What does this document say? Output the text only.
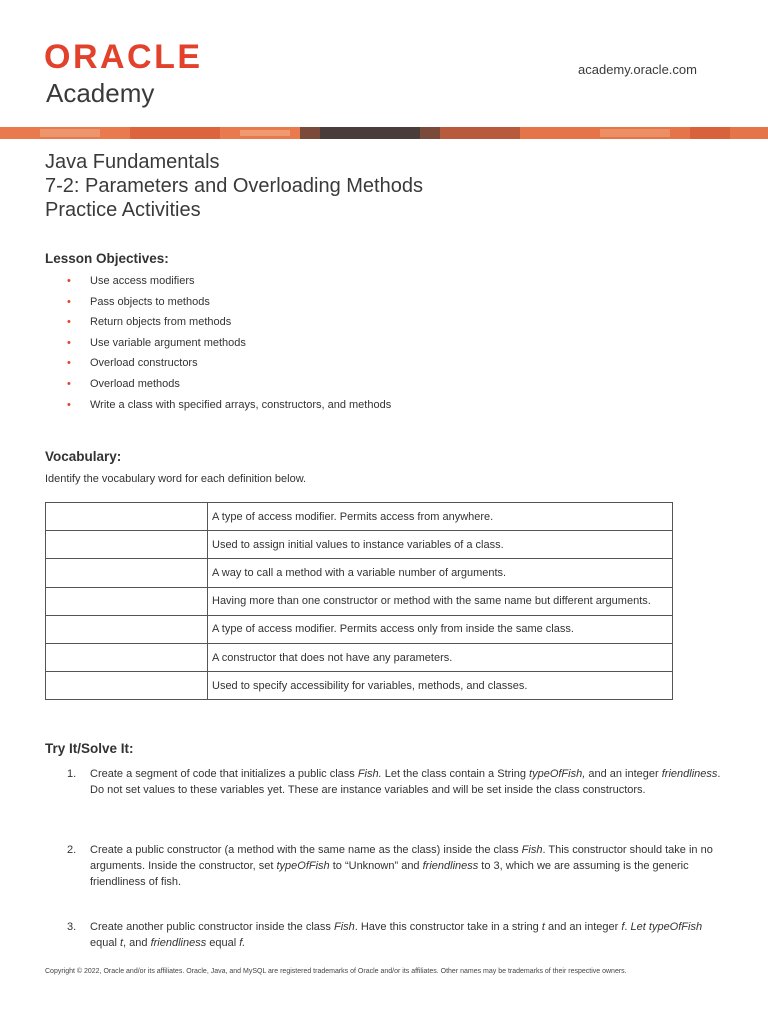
ORACLE
Academy
academy.oracle.com
Java Fundamentals
7-2: Parameters and Overloading Methods
Practice Activities
Lesson Objectives:
• Use access modifiers
• Pass objects to methods
• Return objects from methods
• Use variable argument methods
• Overload constructors
• Overload methods
• Write a class with specified arrays, constructors, and methods
Vocabulary:
Identify the vocabulary word for each definition below.
	A type of access modifier. Permits access from anywhere.
	Used to assign initial values to instance variables of a class.
	A way to call a method with a variable number of arguments.
	Having more than one constructor or method with the same name but different arguments.
	A type of access modifier. Permits access only from inside the same class.
	A constructor that does not have any parameters.
	Used to specify accessibility for variables, methods, and classes.
Try It/Solve It:
1. Create a segment of code that initializes a public class Fish. Let the class contain a String typeOfFish, and an integer friendliness. Do not set values to these variables yet. These are instance variables and will be set inside the class constructors.
2. Create a public constructor (a method with the same name as the class) inside the class Fish. This constructor should take in no arguments. Inside the constructor, set typeOfFish to “Unknown” and friendliness to 3, which we are assuming is the generic friendliness of fish.
3. Create another public constructor inside the class Fish. Have this constructor take in a string t and an integer f. Let typeOfFish equal t, and friendliness equal f.
Copyright © 2022, Oracle and/or its affiliates. Oracle, Java, and MySQL are registered trademarks of Oracle and/or its affiliates. Other names may be trademarks of their respective owners.
